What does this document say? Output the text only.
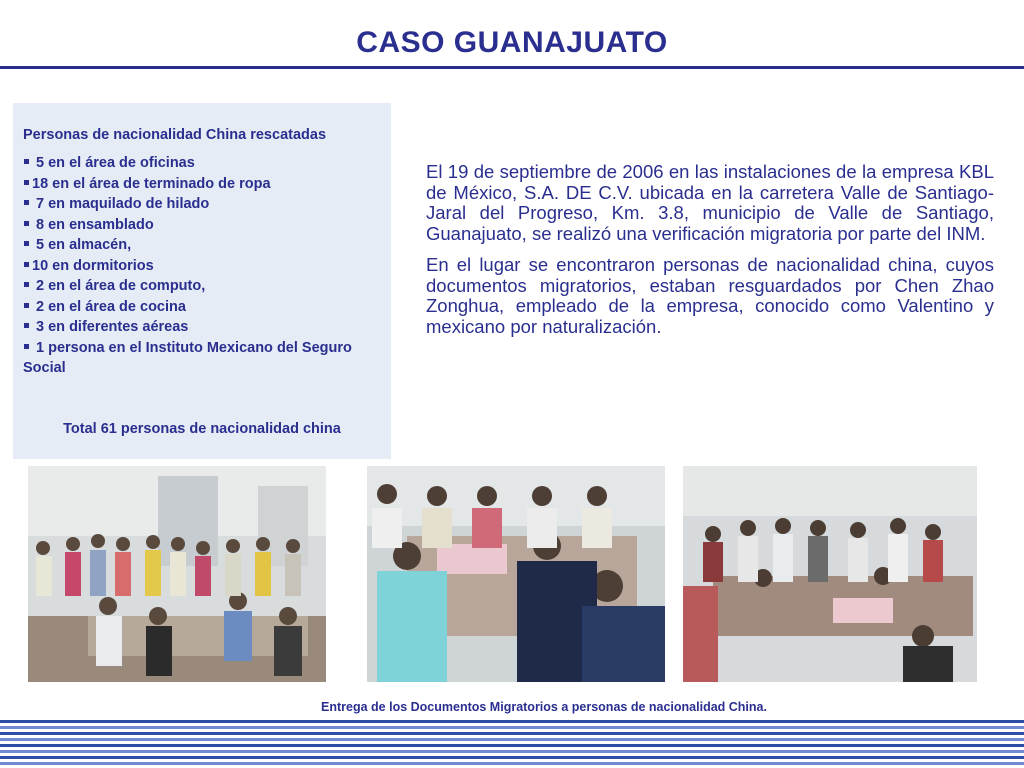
CASO GUANAJUATO
Personas de nacionalidad China rescatadas
5 en el área de oficinas
18 en el área de terminado de ropa
7 en maquilado de hilado
8 en ensamblado
5 en almacén,
10 en dormitorios
2 en el área de computo,
2 en el área de cocina
3 en diferentes aéreas
1 persona en el Instituto Mexicano del Seguro Social
Total 61 personas de nacionalidad china

El 19 de septiembre de 2006 en las instalaciones de la empresa KBL de México, S.A. DE C.V. ubicada en la carretera Valle de Santiago-Jaral del Progreso, Km. 3.8, municipio de Valle de Santiago, Guanajuato, se realizó una verificación migratoria por parte del INM.

En el lugar se encontraron personas de nacionalidad china, cuyos documentos migratorios, estaban resguardados por Chen Zhao Zonghua, empleado de la empresa, conocido como Valentino y mexicano por naturalización.

Entrega de los Documentos Migratorios a personas de nacionalidad China.
